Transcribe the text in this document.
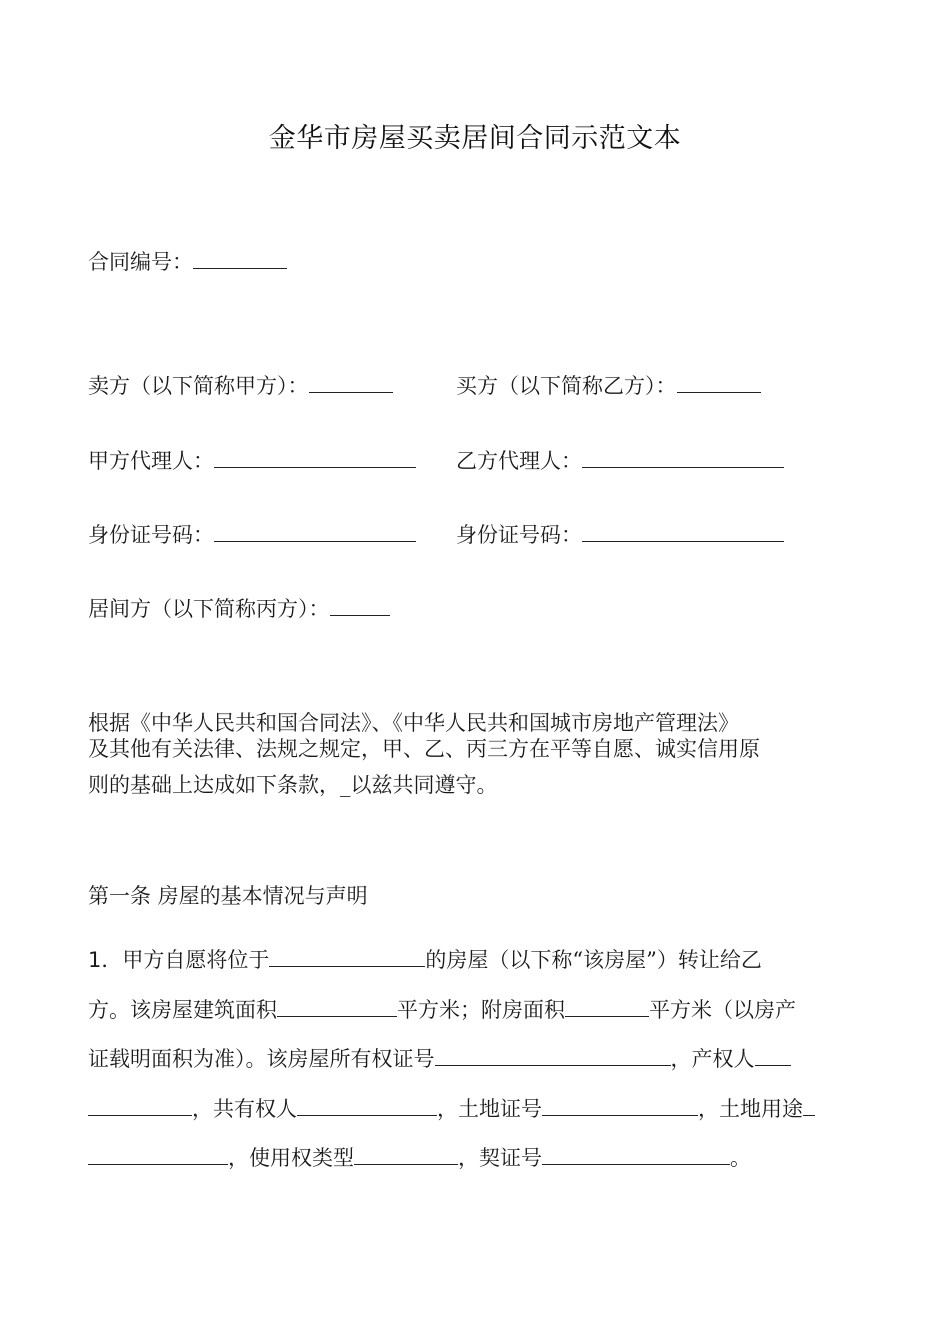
金华市房屋买卖居间合同示范文本
合同编号：
卖方（以下简称甲方）：	买方（以下简称乙方）：
甲方代理人：	乙方代理人：
身份证号码：	身份证号码：
居间方（以下简称丙方）：
根据《中华人民共和国合同法》、《中华人民共和国城市房地产管理法》
及其他有关法律、法规之规定，甲、乙、丙三方在平等自愿、诚实信用原
则的基础上达成如下条款，_以兹共同遵守。
第一条 房屋的基本情况与声明
1．甲方自愿将位于	的房屋（以下称“该房屋”）转让给乙
方。该房屋建筑面积	平方米；附房面积	平方米（以房产
证载明面积为准）。该房屋所有权证号	，产权人
，共有权人	，土地证号	，土地用途
，使用权类型	，契证号	。
